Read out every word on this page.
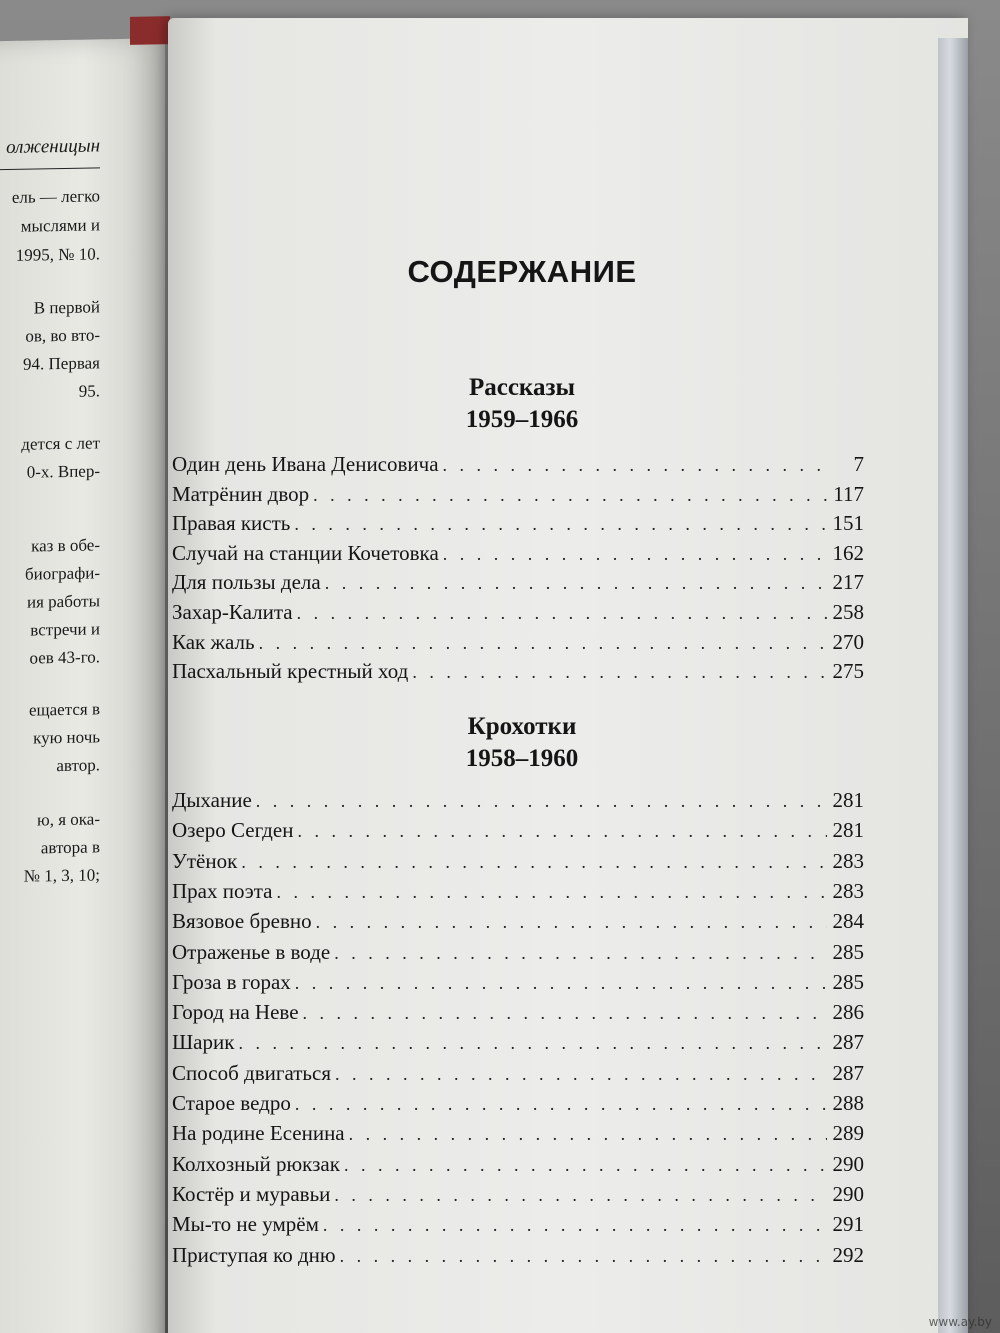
олженицын
ель — легко
мыслями и
1995, № 10.
В первой
ов, во вто-
94. Первая
95.
дется с лет
0-х. Впер-
каз в обе-
биографи-
ия работы
встречи и
оев 43-го.
ещается в
кую ночь
автор.
ю, я ока-
автора в
№ 1, 3, 10;
СОДЕРЖАНИЕ
Рассказы
1959–1966
Один день Ивана Денисовича . . .	7
Матрёнин двор . . .	117
Правая кисть . . .	151
Случай на станции Кочетовка . . .	162
Для пользы дела . . .	217
Захар-Калита . . .	258
Как жаль . . .	270
Пасхальный крестный ход . . .	275
Крохотки
1958–1960
Дыхание . . .	281
Озеро Сегден . . .	281
Утёнок . . .	283
Прах поэта . . .	283
Вязовое бревно . . .	284
Отраженье в воде . . .	285
Гроза в горах . . .	285
Город на Неве . . .	286
Шарик . . .	287
Способ двигаться . . .	287
Старое ведро . . .	288
На родине Есенина . . .	289
Колхозный рюкзак . . .	290
Костёр и муравьи . . .	290
Мы-то не умрём . . .	291
Приступая ко дню . . .	292
www.ay.by
